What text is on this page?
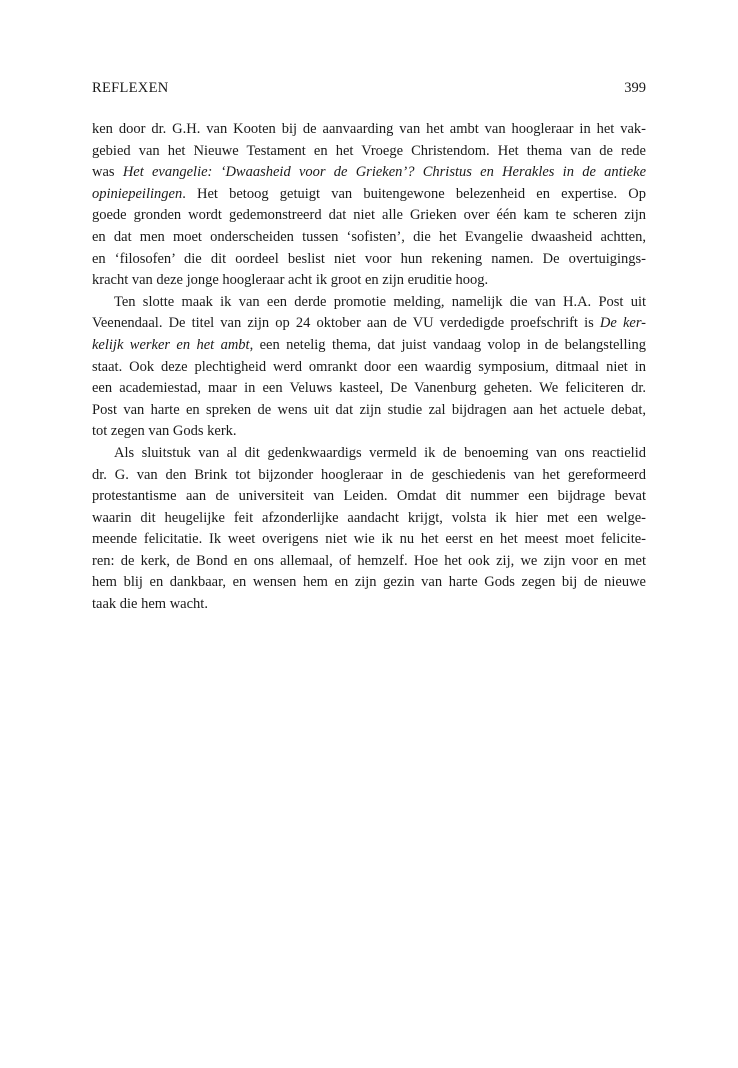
REFLEXEN	399
ken door dr. G.H. van Kooten bij de aanvaarding van het ambt van hoogleraar in het vak-
gebied van het Nieuwe Testament en het Vroege Christendom. Het thema van de rede
was Het evangelie: ‘Dwaasheid voor de Grieken’? Christus en Herakles in de antieke
opiniepeilingen. Het betoog getuigt van buitengewone belezenheid en expertise. Op
goede gronden wordt gedemonstreerd dat niet alle Grieken over één kam te scheren zijn
en dat men moet onderscheiden tussen ‘sofisten’, die het Evangelie dwaasheid achtten,
en ‘filosofen’ die dit oordeel beslist niet voor hun rekening namen. De overtuigings-
kracht van deze jonge hoogleraar acht ik groot en zijn eruditie hoog.
Ten slotte maak ik van een derde promotie melding, namelijk die van H.A. Post uit
Veenendaal. De titel van zijn op 24 oktober aan de VU verdedigde proefschrift is De ker-
kelijk werker en het ambt, een netelig thema, dat juist vandaag volop in de belangstelling
staat. Ook deze plechtigheid werd omrankt door een waardig symposium, ditmaal niet in
een academiestad, maar in een Veluws kasteel, De Vanenburg geheten. We feliciteren dr.
Post van harte en spreken de wens uit dat zijn studie zal bijdragen aan het actuele debat,
tot zegen van Gods kerk.
Als sluitstuk van al dit gedenkwaardigs vermeld ik de benoeming van ons reactielid
dr. G. van den Brink tot bijzonder hoogleraar in de geschiedenis van het gereformeerd
protestantisme aan de universiteit van Leiden. Omdat dit nummer een bijdrage bevat
waarin dit heugelijke feit afzonderlijke aandacht krijgt, volsta ik hier met een welge-
meende felicitatie. Ik weet overigens niet wie ik nu het eerst en het meest moet felicite-
ren: de kerk, de Bond en ons allemaal, of hemzelf. Hoe het ook zij, we zijn voor en met
hem blij en dankbaar, en wensen hem en zijn gezin van harte Gods zegen bij de nieuwe
taak die hem wacht.
